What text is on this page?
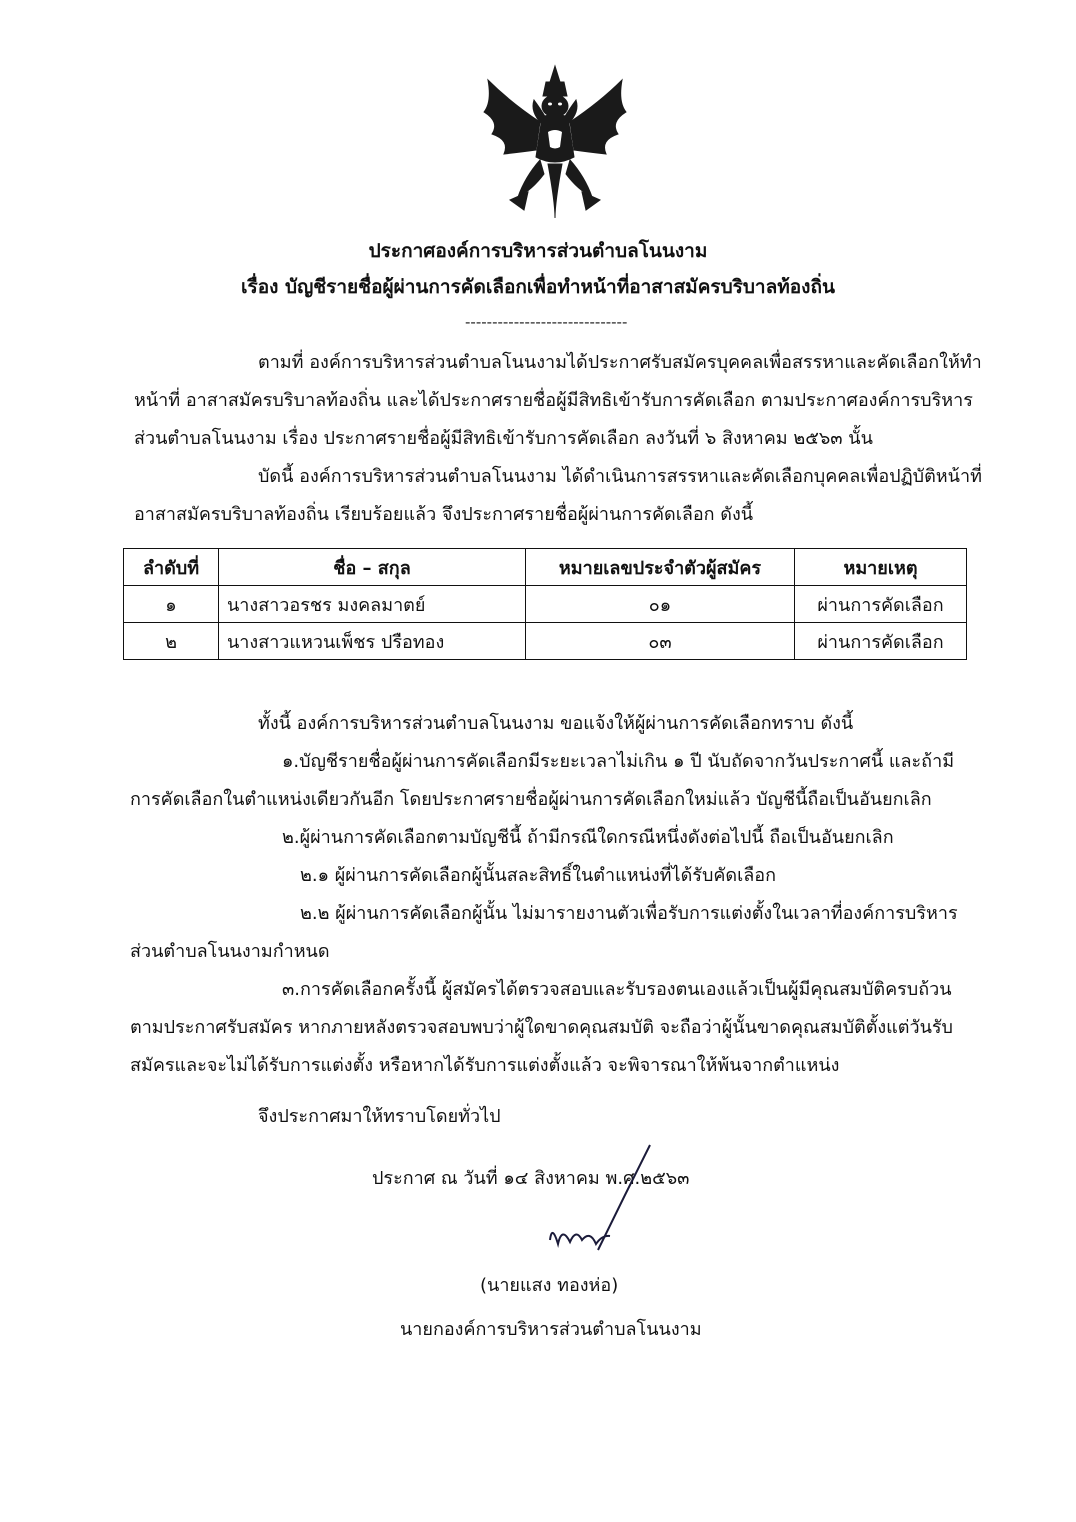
ประกาศองค์การบริหารส่วนตำบลโนนงาม
เรื่อง บัญชีรายชื่อผู้ผ่านการคัดเลือกเพื่อทำหน้าที่อาสาสมัครบริบาลท้องถิ่น
------------------------------
ตามที่ องค์การบริหารส่วนตำบลโนนงามได้ประกาศรับสมัครบุคคลเพื่อสรรหาและคัดเลือกให้ทำ
หน้าที่ อาสาสมัครบริบาลท้องถิ่น และได้ประกาศรายชื่อผู้มีสิทธิเข้ารับการคัดเลือก ตามประกาศองค์การบริหาร
ส่วนตำบลโนนงาม เรื่อง ประกาศรายชื่อผู้มีสิทธิเข้ารับการคัดเลือก ลงวันที่ ๖ สิงหาคม ๒๕๖๓ นั้น
บัดนี้ องค์การบริหารส่วนตำบลโนนงาม ได้ดำเนินการสรรหาและคัดเลือกบุคคลเพื่อปฏิบัติหน้าที่
อาสาสมัครบริบาลท้องถิ่น เรียบร้อยแล้ว จึงประกาศรายชื่อผู้ผ่านการคัดเลือก ดังนี้
ลำดับที่	ชื่อ – สกุล	หมายเลขประจำตัวผู้สมัคร	หมายเหตุ
๑	นางสาวอรชร มงคลมาตย์	๐๑	ผ่านการคัดเลือก
๒	นางสาวแหวนเพ็ชร ปรือทอง	๐๓	ผ่านการคัดเลือก
ทั้งนี้ องค์การบริหารส่วนตำบลโนนงาม ขอแจ้งให้ผู้ผ่านการคัดเลือกทราบ ดังนี้
๑.บัญชีรายชื่อผู้ผ่านการคัดเลือกมีระยะเวลาไม่เกิน ๑ ปี นับถัดจากวันประกาศนี้ และถ้ามี
การคัดเลือกในตำแหน่งเดียวกันอีก โดยประกาศรายชื่อผู้ผ่านการคัดเลือกใหม่แล้ว บัญชีนี้ถือเป็นอันยกเลิก
๒.ผู้ผ่านการคัดเลือกตามบัญชีนี้ ถ้ามีกรณีใดกรณีหนึ่งดังต่อไปนี้ ถือเป็นอันยกเลิก
๒.๑ ผู้ผ่านการคัดเลือกผู้นั้นสละสิทธิ์ในตำแหน่งที่ได้รับคัดเลือก
๒.๒ ผู้ผ่านการคัดเลือกผู้นั้น ไม่มารายงานตัวเพื่อรับการแต่งตั้งในเวลาที่องค์การบริหาร
ส่วนตำบลโนนงามกำหนด
๓.การคัดเลือกครั้งนี้ ผู้สมัครได้ตรวจสอบและรับรองตนเองแล้วเป็นผู้มีคุณสมบัติครบถ้วน
ตามประกาศรับสมัคร หากภายหลังตรวจสอบพบว่าผู้ใดขาดคุณสมบัติ จะถือว่าผู้นั้นขาดคุณสมบัติตั้งแต่วันรับ
สมัครและจะไม่ได้รับการแต่งตั้ง หรือหากได้รับการแต่งตั้งแล้ว จะพิจารณาให้พ้นจากตำแหน่ง
จึงประกาศมาให้ทราบโดยทั่วไป
ประกาศ ณ วันที่ ๑๔ สิงหาคม พ.ศ.๒๕๖๓
(นายแสง ทองห่อ)
นายกองค์การบริหารส่วนตำบลโนนงาม
